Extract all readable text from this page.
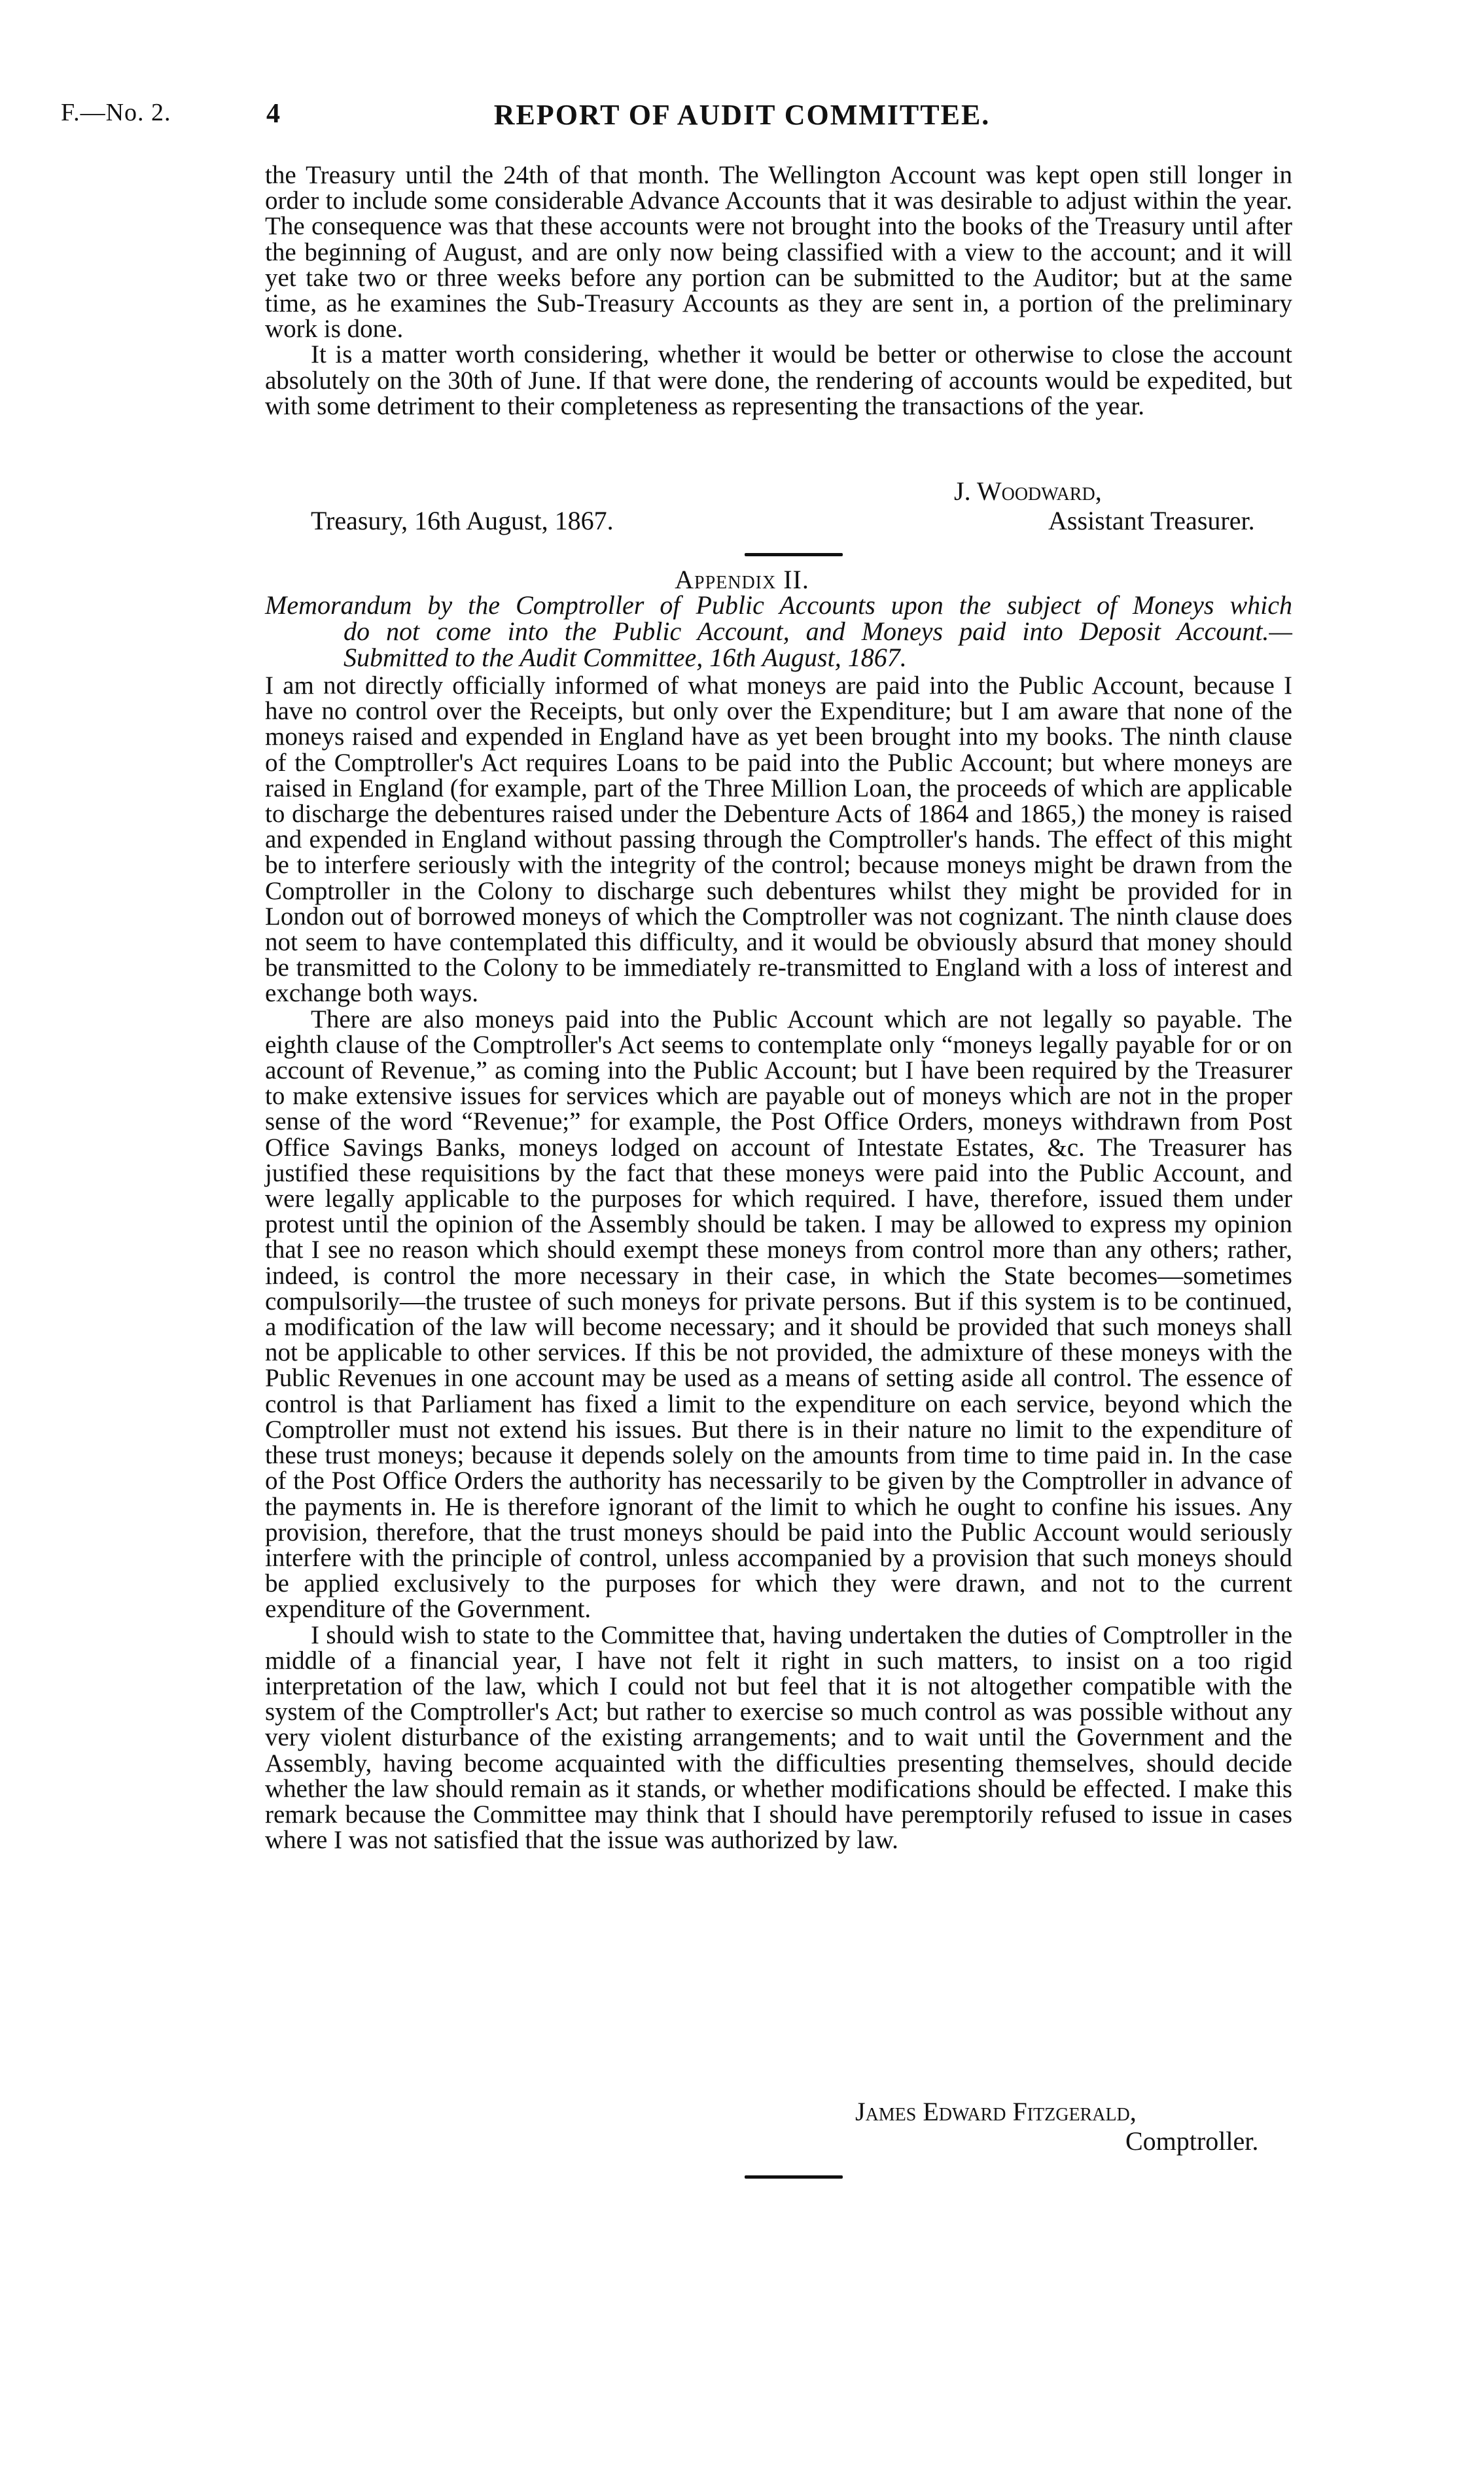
F.—No. 2.	4	REPORT OF AUDIT COMMITTEE.

the Treasury until the 24th of that month. The Wellington Account was kept open still longer in order to include some considerable Advance Accounts that it was desirable to adjust within the year. The consequence was that these accounts were not brought into the books of the Treasury until after the beginning of August, and are only now being classified with a view to the account; and it will yet take two or three weeks before any portion can be submitted to the Auditor; but at the same time, as he examines the Sub-Treasury Accounts as they are sent in, a portion of the preliminary work is done.

It is a matter worth considering, whether it would be better or otherwise to close the account absolutely on the 30th of June. If that were done, the rendering of accounts would be expedited, but with some detriment to their completeness as representing the transactions of the year.

J. Woodward,
Treasury, 16th August, 1867.	Assistant Treasurer.
Appendix II.
Memorandum by the Comptroller of Public Accounts upon the subject of Moneys which
do not come into the Public Account, and Moneys paid into Deposit Account.—
Submitted to the Audit Committee, 16th August, 1867.

I am not directly officially informed of what moneys are paid into the Public Account, because I have no control over the Receipts, but only over the Expenditure; but I am aware that none of the moneys raised and expended in England have as yet been brought into my books. The ninth clause of the Comptroller's Act requires Loans to be paid into the Public Account; but where moneys are raised in England (for example, part of the Three Million Loan, the proceeds of which are applicable to discharge the debentures raised under the Debenture Acts of 1864 and 1865,) the money is raised and expended in England without passing through the Comptroller's hands. The effect of this might be to interfere seriously with the integrity of the control; because moneys might be drawn from the Comptroller in the Colony to discharge such debentures whilst they might be provided for in London out of borrowed moneys of which the Comptroller was not cognizant. The ninth clause does not seem to have contemplated this difficulty, and it would be obviously absurd that money should be transmitted to the Colony to be immediately re-transmitted to England with a loss of interest and exchange both ways.

There are also moneys paid into the Public Account which are not legally so payable. The eighth clause of the Comptroller's Act seems to contemplate only “moneys legally payable for or on account of Revenue,” as coming into the Public Account; but I have been required by the Treasurer to make extensive issues for services which are payable out of moneys which are not in the proper sense of the word “Revenue;” for example, the Post Office Orders, moneys withdrawn from Post Office Savings Banks, moneys lodged on account of Intestate Estates, &c. The Treasurer has justified these requisitions by the fact that these moneys were paid into the Public Account, and were legally applicable to the purposes for which required. I have, therefore, issued them under protest until the opinion of the Assembly should be taken. I may be allowed to express my opinion that I see no reason which should exempt these moneys from control more than any others; rather, indeed, is control the more necessary in their case, in which the State becomes—sometimes compulsorily—the trustee of such moneys for private persons. But if this system is to be continued, a modification of the law will become necessary; and it should be provided that such moneys shall not be applicable to other services. If this be not provided, the admixture of these moneys with the Public Revenues in one account may be used as a means of setting aside all control. The essence of control is that Parliament has fixed a limit to the expenditure on each service, beyond which the Comptroller must not extend his issues. But there is in their nature no limit to the expenditure of these trust moneys; because it depends solely on the amounts from time to time paid in. In the case of the Post Office Orders the authority has necessarily to be given by the Comptroller in advance of the payments in. He is therefore ignorant of the limit to which he ought to confine his issues. Any provision, therefore, that the trust moneys should be paid into the Public Account would seriously interfere with the principle of control, unless accompanied by a provision that such moneys should be applied exclusively to the purposes for which they were drawn, and not to the current expenditure of the Government.

I should wish to state to the Committee that, having undertaken the duties of Comptroller in the middle of a financial year, I have not felt it right in such matters, to insist on a too rigid interpretation of the law, which I could not but feel that it is not altogether compatible with the system of the Comptroller's Act; but rather to exercise so much control as was possible without any very violent disturbance of the existing arrangements; and to wait until the Government and the Assembly, having become acquainted with the difficulties presenting themselves, should decide whether the law should remain as it stands, or whether modifications should be effected. I make this remark because the Committee may think that I should have peremptorily refused to issue in cases where I was not satisfied that the issue was authorized by law.

James Edward Fitzgerald,
Comptroller.
